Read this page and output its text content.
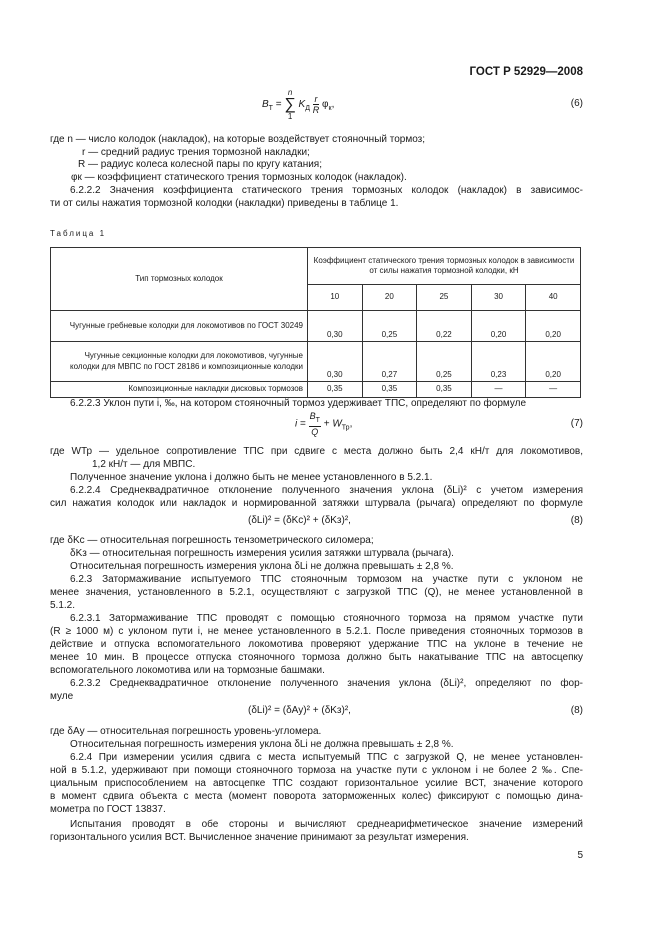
ГОСТ Р 52929—2008
$B_T = n$
∑
1 $K_Д \frac{r}{R} \varphi_к$,	(6)
где n — число колодок (накладок), на которые воздействует стояночный тормоз;
r — средний радиус трения тормозной накладки;
R — радиус колеса колесной пары по кругу катания;
φк — коэффициент статического трения тормозных колодок (накладок).
6.2.2.2 Значения коэффициента статического трения тормозных колодок (накладок) в зависимос-
ти от силы нажатия тормозной колодки (накладки) приведены в таблице 1.
Таблица 1
Тип тормозных колодок	Коэффициент статического трения тормозных колодок в зависимости от силы нажатия тормозной колодки, кН				
	10	20	25	30	40
Чугунные гребневые колодки для локомотивов по ГОСТ 30249	0,30	0,25	0,22	0,20	0,20
Чугунные секционные колодки для локомотивов, чугунные колодки для МВПС по ГОСТ 28186 и композиционные колодки	0,30	0,27	0,25	0,23	0,20
Композиционные накладки дисковых тормозов	0,35	0,35	0,35	—	—
6.2.2.3 Уклон пути i, ‰, на котором стояночный тормоз удерживает ТПС, определяют по формуле
$i = \frac{B_T}{Q} + W_{Тр}$,	(7)
где WТр — удельное сопротивление ТПС при сдвиге с места должно быть 2,4 кН/т для локомотивов,
1,2 кН/т — для МВПС.
Полученное значение уклона i должно быть не менее установленного в 5.2.1.
6.2.2.4 Среднеквадратичное отклонение полученного значения уклона (δLi)² с учетом измерения
сил нажатия колодок или накладок и нормированной затяжки штурвала (рычага) определяют по формуле
(δLi)² = (δKc)² + (δKз)²,	(8)
где δKc — относительная погрешность тензометрического силомера;
δKз — относительная погрешность измерения усилия затяжки штурвала (рычага).
Относительная погрешность измерения уклона δLi не должна превышать ± 2,8 %.
6.2.3 Затормаживание испытуемого ТПС стояночным тормозом на участке пути с уклоном не
менее значения, установленного в 5.2.1, осуществляют с загрузкой ТПС (Q), не менее установленной в
5.1.2.
6.2.3.1 Затормаживание ТПС проводят с помощью стояночного тормоза на прямом участке пути
(R ≥ 1000 м) с уклоном пути i, не менее установленного в 5.2.1. После приведения стояночных тормозов в
действие и отпуска вспомогательного локомотива проверяют удержание ТПС на уклоне в течение не
менее 10 мин. В процессе отпуска стояночного тормоза должно быть накатывание ТПС на автосцепку
вспомогательного локомотива или на тормозные башмаки.
6.2.3.2 Среднеквадратичное отклонение полученного значения уклона (δLi)², определяют по фор-
муле
(δLi)² = (δAу)² + (δKз)²,	(8)
где δAу — относительная погрешность уровень-угломера.
Относительная погрешность измерения уклона δLi не должна превышать ± 2,8 %.
6.2.4 При измерении усилия сдвига с места испытуемый ТПС с загрузкой Q, не менее установлен-
ной в 5.1.2, удерживают при помощи стояночного тормоза на участке пути с уклоном i не более 2 ‰. Спе-
циальным приспособлением на автосцепке ТПС создают горизонтальное усилие BСТ, значение которого
в момент сдвига объекта с места (момент поворота заторможенных колес) фиксируют с помощью дина-
мометра по ГОСТ 13837.
Испытания проводят в обе стороны и вычисляют среднеарифметическое значение измерений
горизонтального усилия BСТ. Вычисленное значение принимают за результат измерения.
5
